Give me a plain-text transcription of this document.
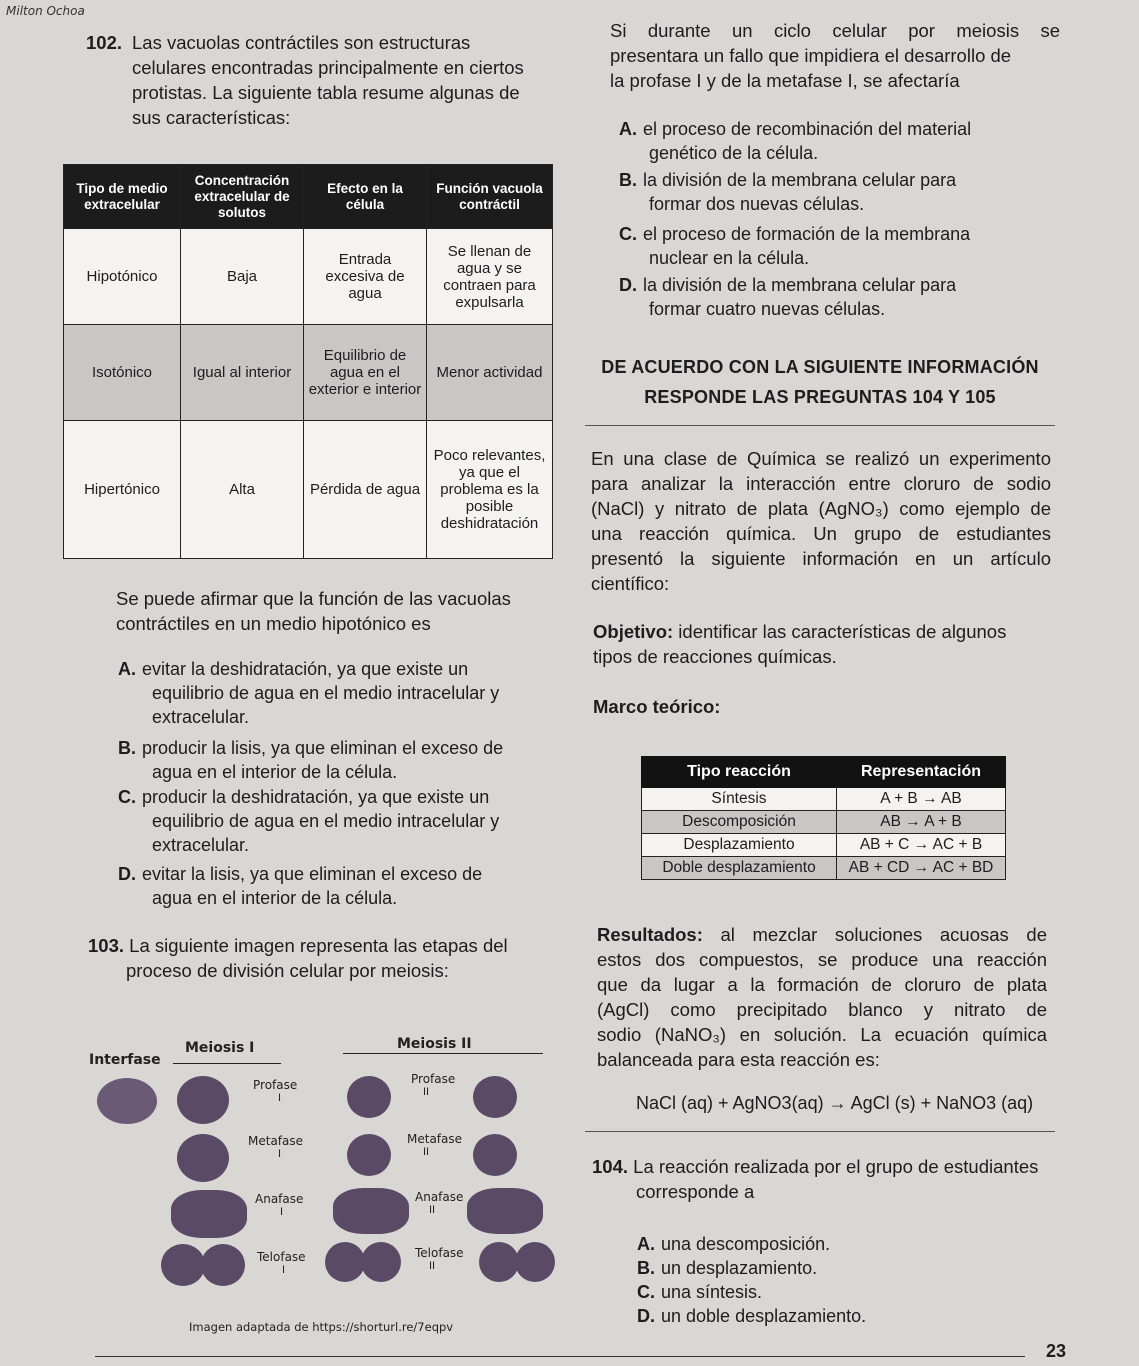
Milton Ochoa
102. Las vacuolas contráctiles son estructuras
celulares encontradas principalmente en ciertos
protistas. La siguiente tabla resume algunas de
sus características:
Tipo de medio extracelular	Concentración extracelular de solutos	Efecto en la célula	Función vacuola contráctil
Hipotónico	Baja	Entrada excesiva de agua	Se llenan de agua y se contraen para expulsarla
Isotónico	Igual al interior	Equilibrio de agua en el exterior e interior	Menor actividad
Hipertónico	Alta	Pérdida de agua	Poco relevantes, ya que el problema es la posible deshidratación
Se puede afirmar que la función de las vacuolas
contráctiles en un medio hipotónico es
A. evitar la deshidratación, ya que existe un
equilibrio de agua en el medio intracelular y
extracelular.
B. producir la lisis, ya que eliminan el exceso de
agua en el interior de la célula.
C. producir la deshidratación, ya que existe un
equilibrio de agua en el medio intracelular y
extracelular.
D. evitar la lisis, ya que eliminan el exceso de
agua en el interior de la célula.
103. La siguiente imagen representa las etapas del
proceso de división celular por meiosis:
Interfase
Meiosis I	Meiosis II
Profase
I
Metafase
I
Anafase
I
Telofase
I
Profase
II
Metafase
II
Anafase
II
Telofase
II
Imagen adaptada de https://shorturl.re/7eqpv
Si durante un ciclo celular por meiosis se
presentara un fallo que impidiera el desarrollo de
la profase I y de la metafase I, se afectaría
A. el proceso de recombinación del material
genético de la célula.
B. la división de la membrana celular para
formar dos nuevas células.
C. el proceso de formación de la membrana
nuclear en la célula.
D. la división de la membrana celular para
formar cuatro nuevas células.
DE ACUERDO CON LA SIGUIENTE INFORMACIÓN
RESPONDE LAS PREGUNTAS 104 Y 105
En una clase de Química se realizó un experimento
para analizar la interacción entre cloruro de sodio
(NaCl) y nitrato de plata (AgNO₃) como ejemplo de
una reacción química. Un grupo de estudiantes
presentó la siguiente información en un artículo
científico:
Objetivo: identificar las características de algunos
tipos de reacciones químicas.
Marco teórico:
Tipo reacción	Representación
Síntesis	A + B → AB
Descomposición	AB → A + B
Desplazamiento	AB + C → AC + B
Doble desplazamiento	AB + CD → AC + BD
Resultados: al mezclar soluciones acuosas de
estos dos compuestos, se produce una reacción
que da lugar a la formación de cloruro de plata
(AgCl) como precipitado blanco y nitrato de
sodio (NaNO₃) en solución. La ecuación química
balanceada para esta reacción es:
NaCl (aq) + AgNO3(aq) → AgCl (s) + NaNO3 (aq)
104. La reacción realizada por el grupo de estudiantes
corresponde a
A. una descomposición.
B. un desplazamiento.
C. una síntesis.
D. un doble desplazamiento.
23
